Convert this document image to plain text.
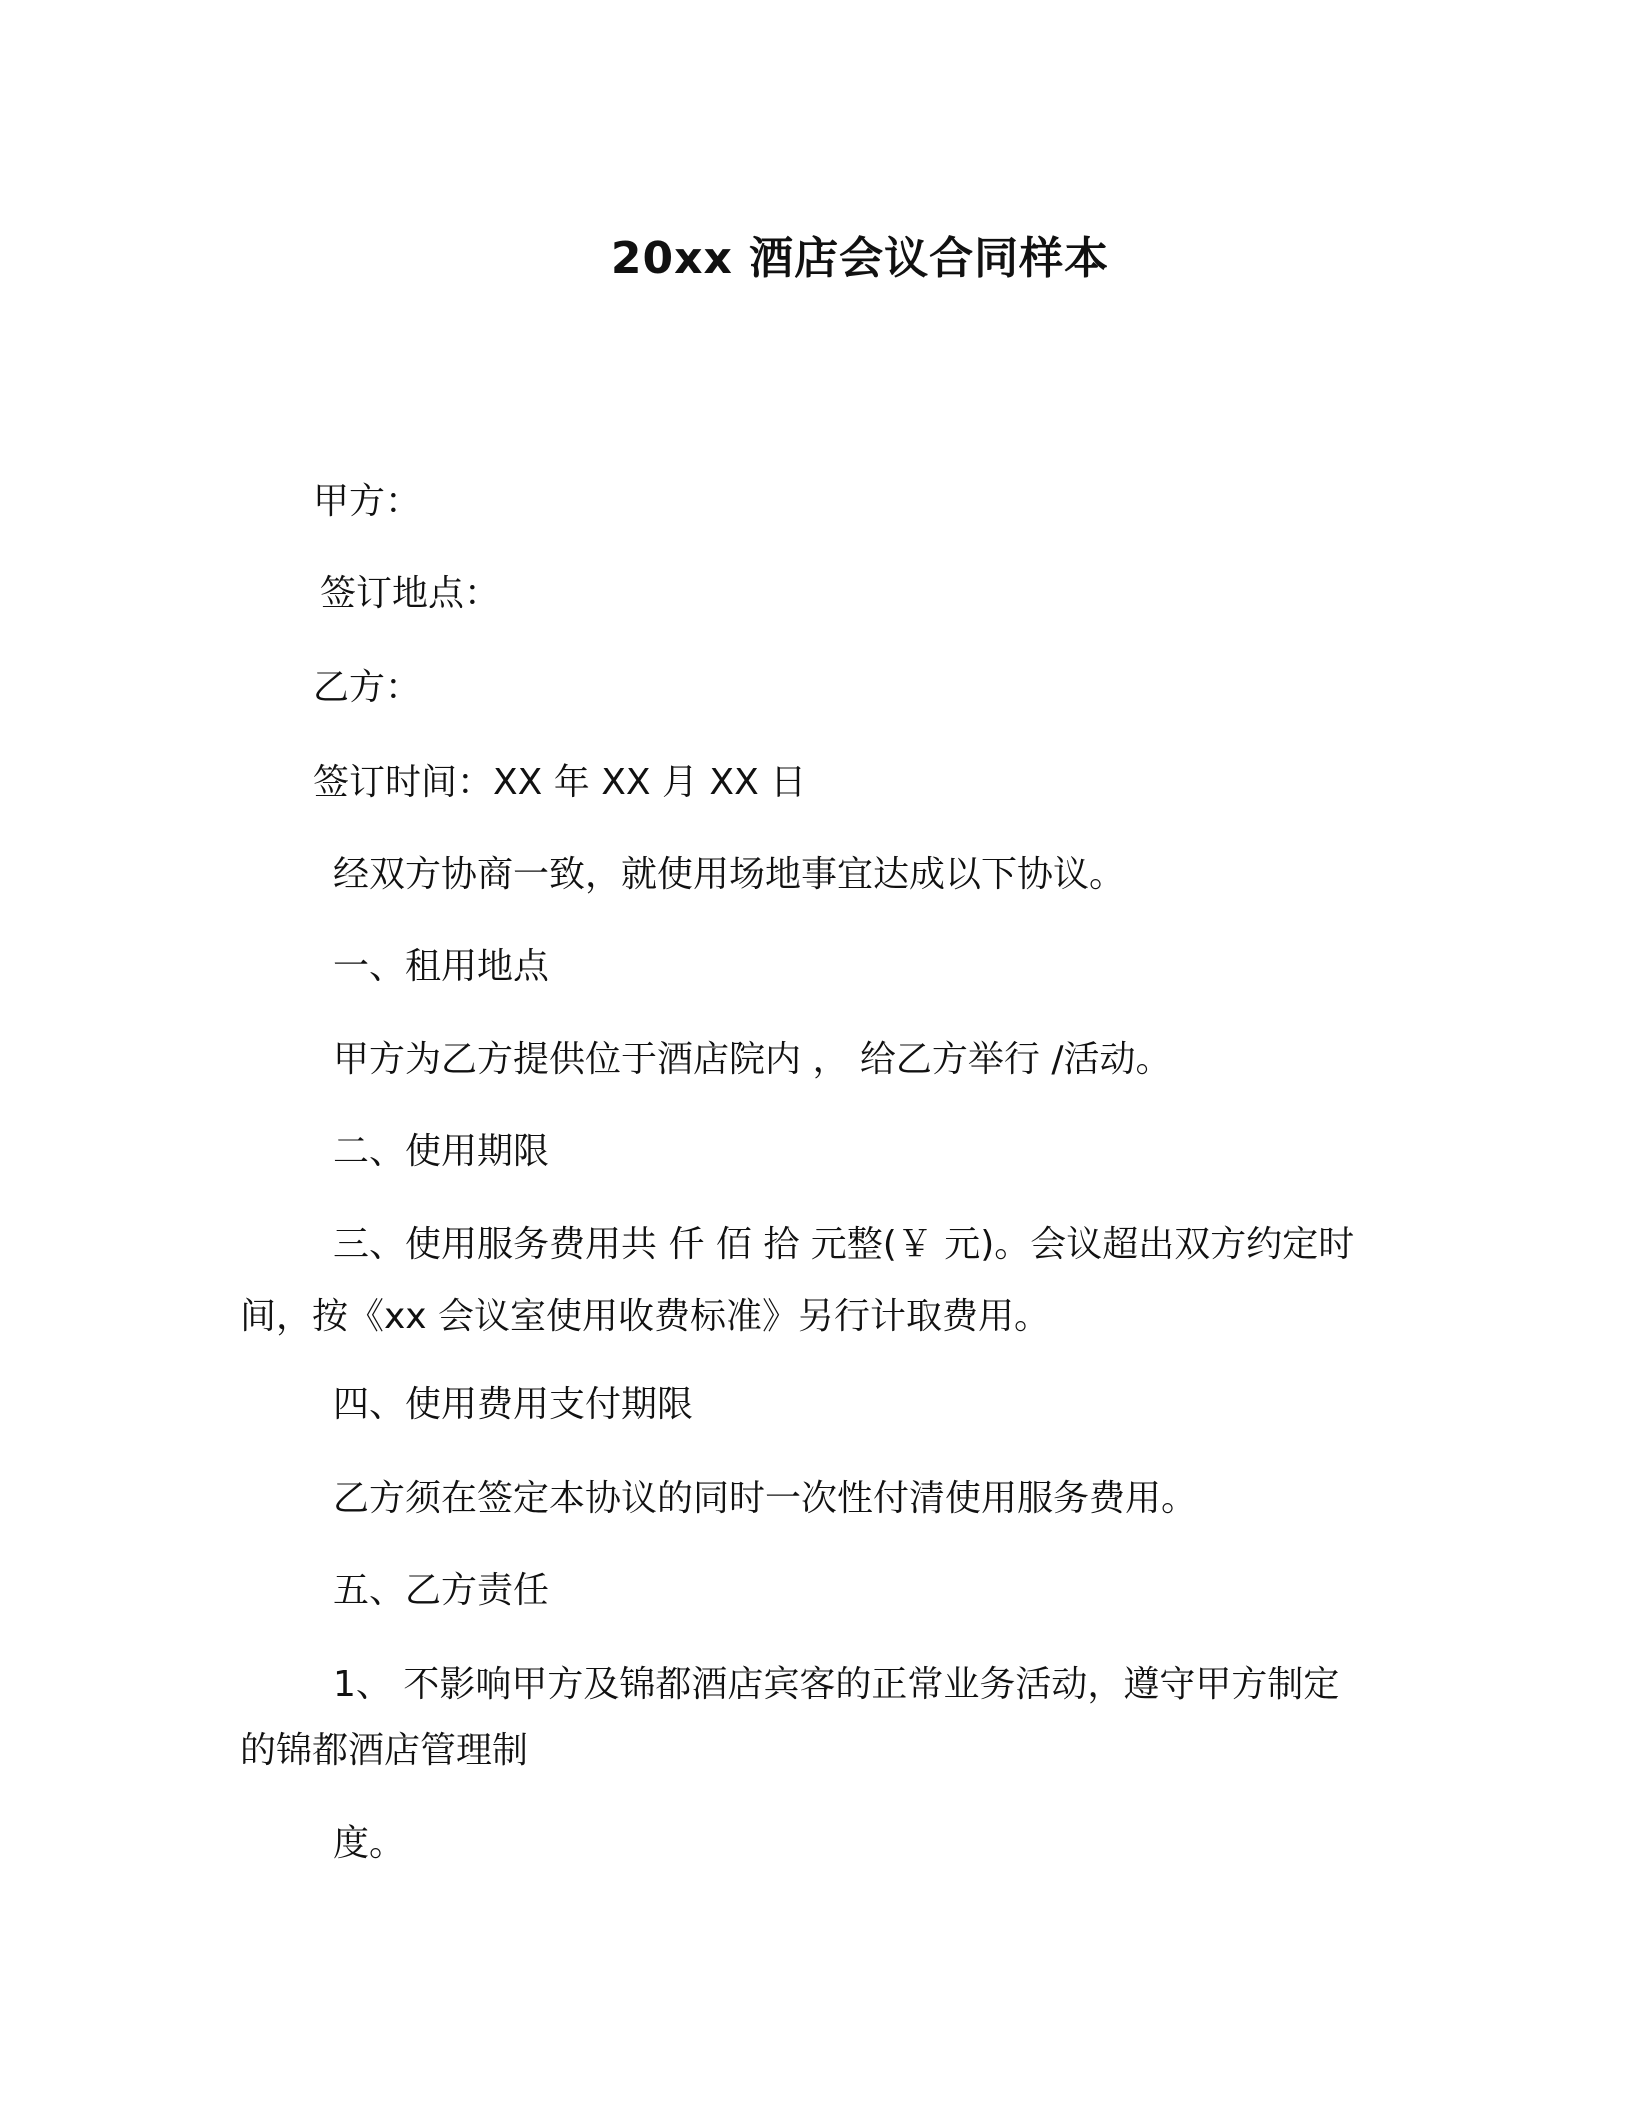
20xx 酒店会议合同样本
甲方：
签订地点：
乙方：
签订时间：XX 年 XX 月 XX 日
经双方协商一致，就使用场地事宜达成以下协议。
一、租用地点
甲方为乙方提供位于酒店院内 ， 给乙方举行 /活动。
二、使用期限
三、使用服务费用共 仟 佰 拾 元整(￥ 元)。会议超出双方约定时
间，按《xx 会议室使用收费标准》另行计取费用。
四、使用费用支付期限
乙方须在签定本协议的同时一次性付清使用服务费用。
五、乙方责任
1、 不影响甲方及锦都酒店宾客的正常业务活动，遵守甲方制定
的锦都酒店管理制
度。
